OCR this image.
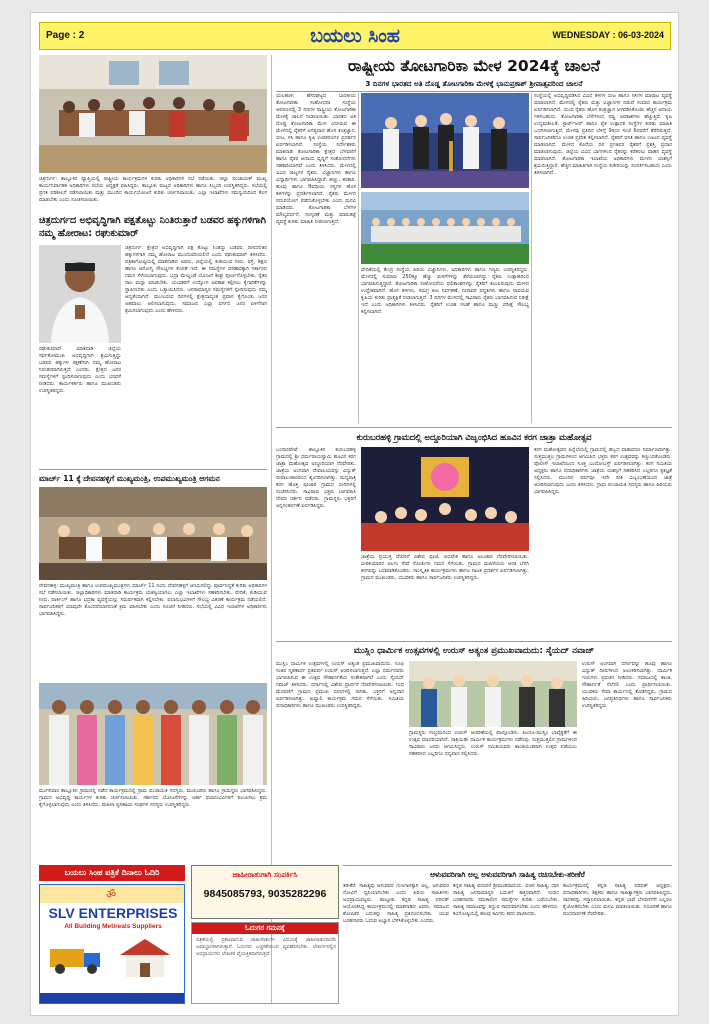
Page : 2	ಬಯಲು ಸಿಂಹ	WEDNESDAY : 06-03-2024
ಚಿತ್ರದುರ್ಗ: ತಾಲ್ಲೂಕಿನ ವ್ಯಾಪ್ತಿಯಲ್ಲಿ ರಾಷ್ಟ್ರೀಯ ಕಾರ್ಯಕ್ರಮಗಳ ಕುರಿತು ಅಧಿಕಾರಿಗಳ ಸಭೆ ನಡೆಯಿತು. ಜಿಲ್ಲಾ ಪಂಚಾಯತ್ ಮುಖ್ಯ ಕಾರ್ಯನಿರ್ವಾಹಕ ಅಧಿಕಾರಿಗಳು ಸಭೆಯ ಅಧ್ಯಕ್ಷತೆ ವಹಿಸಿದ್ದರು. ತಾಲ್ಲೂಕು ಮಟ್ಟದ ಅಧಿಕಾರಿಗಳು ಹಾಗೂ ಸಿಬ್ಬಂದಿ ಉಪಸ್ಥಿತರಿದ್ದರು. ಸಭೆಯಲ್ಲಿ ಪ್ರಗತಿ ಪರಿಶೀಲನೆ ನಡೆಸಲಾಯಿತು ಮತ್ತು ಮುಂದಿನ ಕಾರ್ಯಯೋಜನೆ ಕುರಿತು ಚರ್ಚಿಸಲಾಯಿತು. ಎಲ್ಲಾ ಇಲಾಖೆಗಳು ಸಮನ್ವಯದಿಂದ ಕೆಲಸ ಮಾಡಬೇಕು ಎಂದು ಸೂಚಿಸಲಾಯಿತು.
ರಾಷ್ಟ್ರೀಯ ತೋಟಗಾರಿಕಾ ಮೇಳ 2024ಕ್ಕೆ ಚಾಲನೆ
3 ದಿನಗಳ ಭಾರತದ ಅತಿ ದೊಡ್ಡ ತೋಟಗಾರಿಕಾ ಮೇಳಕ್ಕೆ ಭಾನುಪ್ರಕಾಶ್ ಶ್ರೀವಾತ್ಸವರಿಂದ ಚಾಲನೆ
ಯಲಹಂಕ: ಹೆಸರಘಟ್ಟದ ಭಾರತೀಯ ತೋಟಗಾರಿಕಾ ಸಂಶೋಧನಾ ಸಂಸ್ಥೆಯ ಆವರಣದಲ್ಲಿ 3 ದಿನಗಳ ರಾಷ್ಟ್ರೀಯ ತೋಟಗಾರಿಕಾ ಮೇಳಕ್ಕೆ ಚಾಲನೆ ನೀಡಲಾಯಿತು. ಭಾರತದ ಅತಿ ದೊಡ್ಡ ತೋಟಗಾರಿಕಾ ಮೇಳ ಎನಿಸಿರುವ ಈ ಮೇಳದಲ್ಲಿ ರೈತರಿಗೆ ಅಗತ್ಯವಾದ ಹೊಸ ತಂತ್ರಜ್ಞಾನ, ಬೀಜ, ಸಸಿ ಹಾಗೂ ಕೃಷಿ ಉಪಕರಣಗಳ ಪ್ರದರ್ಶನ ಏರ್ಪಡಿಸಲಾಗಿದೆ. ಸಂಸ್ಥೆಯ ನಿರ್ದೇಶಕರು ಮಾತನಾಡಿ ತೋಟಗಾರಿಕಾ ಕ್ಷೇತ್ರದ ಬೆಳವಣಿಗೆ ಹಾಗೂ ರೈತರ ಆದಾಯ ವೃದ್ಧಿಗೆ ಸಂಶೋಧನೆಗಳು ಸಹಕಾರಿಯಾಗಿವೆ ಎಂದು ತಿಳಿಸಿದರು. ಮೇಳದಲ್ಲಿ ವಿವಿಧ ರಾಜ್ಯಗಳ ರೈತರು, ವಿಜ್ಞಾನಿಗಳು ಹಾಗೂ ವಿದ್ಯಾರ್ಥಿಗಳು ಭಾಗವಹಿಸಿದ್ದಾರೆ. ಹಣ್ಣು, ತರಕಾರಿ, ಹೂವು ಹಾಗೂ ಔಷಧೀಯ ಸಸ್ಯಗಳ ಹೊಸ ತಳಿಗಳನ್ನು ಪ್ರದರ್ಶಿಸಲಾಗಿದೆ. ರೈತರು ಮೇಳದ ಸದುಪಯೋಗ ಪಡೆದುಕೊಳ್ಳಬೇಕು ಎಂದು ಮನವಿ ಮಾಡಿದರು. ತೋಟಗಾರಿಕಾ ಬೆಳೆಗಳ ಮೌಲ್ಯವರ್ಧನೆ, ಸಂಸ್ಕರಣೆ ಮತ್ತು ಮಾರುಕಟ್ಟೆ ವ್ಯವಸ್ಥೆ ಕುರಿತು ಮಾಹಿತಿ ನೀಡಲಾಗುತ್ತದೆ.
ವೇದಿಕೆಯಲ್ಲಿ ಕೇಂದ್ರ ಸಂಸ್ಥೆಯ ಹಿರಿಯ ವಿಜ್ಞಾನಿಗಳು, ಅಧಿಕಾರಿಗಳು ಹಾಗೂ ಗಣ್ಯರು ಉಪಸ್ಥಿತರಿದ್ದರು. ಮೇಳದಲ್ಲಿ ಸುಮಾರು 250ಕ್ಕೂ ಹೆಚ್ಚು ಮಳಿಗೆಗಳನ್ನು ತೆರೆಯಲಾಗಿದ್ದು ರೈತರು ಉತ್ಸಾಹದಿಂದ ಭಾಗವಹಿಸುತ್ತಿದ್ದಾರೆ. ತೋಟಗಾರಿಕಾ ಸಂಶೋಧನೆಯ ಫಲಿತಾಂಶಗಳನ್ನು ರೈತರಿಗೆ ತಲುಪಿಸುವುದು ಮೇಳದ ಉದ್ದೇಶವಾಗಿದೆ. ಹೊಸ ತಳಿಗಳು, ಸಮಗ್ರ ಕೀಟ ನಿರ್ವಹಣೆ, ನೀರಾವರಿ ಪದ್ಧತಿಗಳು ಹಾಗೂ ಸಾವಯವ ಕೃಷಿಯ ಕುರಿತು ಪ್ರಾತ್ಯಕ್ಷಿಕೆ ನೀಡಲಾಗುತ್ತಿದೆ. 3 ದಿನಗಳ ಮೇಳದಲ್ಲಿ ಸಾವಿರಾರು ರೈತರು ಭಾಗವಹಿಸುವ ನಿರೀಕ್ಷೆ ಇದೆ ಎಂದು ಅಧಿಕಾರಿಗಳು ತಿಳಿಸಿದರು. ರೈತರಿಗೆ ಉಚಿತ ಸಲಹೆ ಹಾಗೂ ಮಣ್ಣು ಪರೀಕ್ಷೆ ಸೌಲಭ್ಯ ಕಲ್ಪಿಸಲಾಗಿದೆ.
ಸಂಸ್ಥೆಯಲ್ಲಿ ಅಭಿವೃದ್ಧಿಪಡಿಸಿದ ವಿವಿಧ ತಳಿಗಳ ಬೀಜ ಹಾಗೂ ಸಸಿಗಳ ಮಾರಾಟ ವ್ಯವಸ್ಥೆ ಮಾಡಲಾಗಿದೆ. ಮೇಳದಲ್ಲಿ ರೈತರು ಮತ್ತು ವಿಜ್ಞಾನಿಗಳ ನಡುವೆ ಸಂವಾದ ಕಾರ್ಯಕ್ರಮ ಏರ್ಪಡಿಸಲಾಗಿದೆ. ಯುವ ರೈತರು ಹೊಸ ತಂತ್ರಜ್ಞಾನ ಅಳವಡಿಸಿಕೊಂಡು ಹೆಚ್ಚಿನ ಆದಾಯ ಗಳಿಸಬಹುದು. ತೋಟಗಾರಿಕಾ ಬೆಳೆಗಳಿಂದ ರಫ್ತು ಅವಕಾಶಗಳು ಹೆಚ್ಚುತ್ತಿವೆ. ಕೃಷಿ ಉದ್ಯಮಶೀಲತೆ, ಸ್ಟಾರ್ಟ್‌ಅಪ್ ಹಾಗೂ ರೈತ ಉತ್ಪಾದಕ ಸಂಸ್ಥೆಗಳ ಕುರಿತು ಮಾಹಿತಿ ಒದಗಿಸಲಾಗುತ್ತಿದೆ. ಮೇಳವು ಪ್ರತಿದಿನ ಬೆಳಿಗ್ಗೆ 9ರಿಂದ ಸಂಜೆ 6ರವರೆಗೆ ತೆರೆದಿರುತ್ತದೆ. ಸಾರ್ವಜನಿಕರಿಗೂ ಉಚಿತ ಪ್ರವೇಶ ಕಲ್ಪಿಸಲಾಗಿದೆ. ರೈತರಿಗೆ ವಸತಿ ಹಾಗೂ ಊಟದ ವ್ಯವಸ್ಥೆ ಮಾಡಲಾಗಿದೆ. ಮೇಳದ ಕೊನೆಯ ದಿನ ಪ್ರಗತಿಪರ ರೈತರಿಗೆ ಪ್ರಶಸ್ತಿ ಪ್ರದಾನ ಮಾಡಲಾಗುವುದು. ಜಿಲ್ಲೆಯ ವಿವಿಧ ಭಾಗಗಳಿಂದ ರೈತರನ್ನು ಕರೆತರಲು ವಾಹನ ವ್ಯವಸ್ಥೆ ಮಾಡಲಾಗಿದೆ. ತೋಟಗಾರಿಕಾ ಇಲಾಖೆಯ ಅಧಿಕಾರಿಗಳು ಮೇಳದ ಯಶಸ್ಸಿಗೆ ಶ್ರಮಿಸುತ್ತಿದ್ದಾರೆ. ಹೆಚ್ಚಿನ ಮಾಹಿತಿಗಾಗಿ ಸಂಸ್ಥೆಯ ಕಚೇರಿಯನ್ನು ಸಂಪರ್ಕಿಸಬಹುದು ಎಂದು ತಿಳಿಸಲಾಗಿದೆ.
ಚಿತ್ರದುರ್ಗದ ಅಭಿವೃದ್ಧಿಗಾಗಿ ಪಕ್ಷತೊಟ್ಟು ನಿಂತಿರುತ್ತಾರೆ ಬಡವರ ಹಕ್ಕುಗಳಿಗಾಗಿ ನಮ್ಮ ಹೋರಾಟ: ರಘುಕುಮಾರ್
ರಘುಕುಮಾರ್ ಮಾತನಾಡಿ ಜಿಲ್ಲೆಯ ಸರ್ವತೋಮುಖ ಅಭಿವೃದ್ಧಿಗಾಗಿ ಶ್ರಮಿಸುತ್ತಿದ್ದು ಬಡವರ ಹಕ್ಕುಗಳ ರಕ್ಷಣೆಗಾಗಿ ನಮ್ಮ ಹೋರಾಟ ನಿರಂತರವಾಗಿರುತ್ತದೆ ಎಂದರು. ಕ್ಷೇತ್ರದ ಜನರ ಸಮಸ್ಯೆಗಳಿಗೆ ಸ್ಪಂದಿಸಲಾಗುವುದು ಎಂದು ಭರವಸೆ ನೀಡಿದರು. ಕಾರ್ಯಕರ್ತರು ಹಾಗೂ ಮುಖಂಡರು ಉಪಸ್ಥಿತರಿದ್ದರು.
ಚಿತ್ರದುರ್ಗ: ಕ್ಷೇತ್ರದ ಅಭಿವೃದ್ಧಿಗಾಗಿ ಪಕ್ಷ ತೊಟ್ಟು ನಿಂತಿದ್ದು ಬಡವರ, ದೀನದಲಿತರ ಹಕ್ಕುಗಳಿಗಾಗಿ ನಮ್ಮ ಹೋರಾಟ ಮುಂದುವರಿಯಲಿದೆ ಎಂದು ರಘುಕುಮಾರ್ ತಿಳಿಸಿದರು. ಪತ್ರಿಕಾಗೋಷ್ಠಿಯಲ್ಲಿ ಮಾತನಾಡಿದ ಅವರು, ಜಿಲ್ಲೆಯಲ್ಲಿ ಕುಡಿಯುವ ನೀರು, ರಸ್ತೆ, ಶಿಕ್ಷಣ ಹಾಗೂ ಆರೋಗ್ಯ ಸೌಲಭ್ಯಗಳ ಕೊರತೆ ಇದೆ. ಈ ಸಮಸ್ಯೆಗಳ ಪರಿಹಾರಕ್ಕಾಗಿ ಸರ್ಕಾರದ ಗಮನ ಸೆಳೆಯಲಾಗುವುದು. ಭದ್ರಾ ಮೇಲ್ದಂಡೆ ಯೋಜನೆ ಶೀಘ್ರ ಪೂರ್ಣಗೊಳ್ಳಬೇಕು. ರೈತರ ಸಾಲ ಮನ್ನಾ ಮಾಡಬೇಕು. ಯುವಕರಿಗೆ ಉದ್ಯೋಗ ಅವಕಾಶ ಕಲ್ಪಿಸಲು ಕೈಗಾರಿಕೆಗಳನ್ನು ಸ್ಥಾಪಿಸಬೇಕು ಎಂದು ಒತ್ತಾಯಿಸಿದರು. ಜನಸಾಮಾನ್ಯರ ಸಮಸ್ಯೆಗಳಿಗೆ ಸ್ಪಂದಿಸುವುದು ನಮ್ಮ ಆದ್ಯತೆಯಾಗಿದೆ. ಮುಂಬರುವ ದಿನಗಳಲ್ಲಿ ಕ್ಷೇತ್ರದಾದ್ಯಂತ ಪ್ರವಾಸ ಕೈಗೊಂಡು ಜನರ ಅಹವಾಲು ಆಲಿಸಲಾಗುವುದು. ಸಮಾಜದ ಎಲ್ಲಾ ವರ್ಗದ ಜನರ ಏಳಿಗೆಗಾಗಿ ಶ್ರಮಿಸಲಾಗುವುದು ಎಂದು ಹೇಳಿದರು.
ಮಾರ್ಚ್ 11 ಕ್ಕೆ ದೇವನಹಳ್ಳಿಗೆ ಮುಖ್ಯಮಂತ್ರಿ, ಉಪಮುಖ್ಯಮಂತ್ರಿ ಆಗಮನ
ದೇವನಹಳ್ಳಿ: ಮುಖ್ಯಮಂತ್ರಿ ಹಾಗೂ ಉಪಮುಖ್ಯಮಂತ್ರಿಗಳು ಮಾರ್ಚ್ 11 ರಂದು ದೇವನಹಳ್ಳಿಗೆ ಆಗಮಿಸಲಿದ್ದು ಪೂರ್ವಸಿದ್ಧತೆ ಕುರಿತು ಅಧಿಕಾರಿಗಳ ಸಭೆ ನಡೆಸಲಾಯಿತು. ಜಿಲ್ಲಾಧಿಕಾರಿಗಳು ಮಾತನಾಡಿ ಕಾರ್ಯಕ್ರಮ ಯಶಸ್ವಿಯಾಗಲು ಎಲ್ಲಾ ಇಲಾಖೆಗಳು ಸಹಕರಿಸಬೇಕು. ವೇದಿಕೆ, ಕುಡಿಯುವ ನೀರು, ಪಾರ್ಕಿಂಗ್ ಹಾಗೂ ಭದ್ರತಾ ವ್ಯವಸ್ಥೆಯನ್ನು ಸಮರ್ಪಕವಾಗಿ ಕಲ್ಪಿಸಬೇಕು. ಫಲಾನುಭವಿಗಳಿಗೆ ಸೌಲಭ್ಯ ವಿತರಣೆ ಕಾರ್ಯಕ್ರಮ ನಡೆಯಲಿದೆ. ಸಾರ್ವಜನಿಕರಿಗೆ ಯಾವುದೇ ತೊಂದರೆಯಾಗದಂತೆ ಕ್ರಮ ವಹಿಸಬೇಕು ಎಂದು ಸೂಚನೆ ನೀಡಿದರು. ಸಭೆಯಲ್ಲಿ ವಿವಿಧ ಇಲಾಖೆಗಳ ಅಧಿಕಾರಿಗಳು ಭಾಗವಹಿಸಿದ್ದರು.
ಕುರುಬರಹಳ್ಳಿ ಗ್ರಾಮದಲ್ಲಿ ಅದ್ದೂರಿಯಾಗಿ ವಿಜೃಂಭಿಸಿದ ಹೂವಿನ ಕರಗ ಜಾತ್ರಾ ಮಹೋತ್ಸವ
ಬಂಗಾರಪೇಟೆ: ತಾಲ್ಲೂಕಿನ ಕುರುಬರಹಳ್ಳಿ ಗ್ರಾಮದಲ್ಲಿ ಶ್ರೀ ಧರ್ಮರಾಯಸ್ವಾಮಿ ಹೂವಿನ ಕರಗ ಜಾತ್ರಾ ಮಹೋತ್ಸವ ಅದ್ದೂರಿಯಾಗಿ ನೆರವೇರಿತು. ಜಾತ್ರೆಯ ಅಂಗವಾಗಿ ದೇವಾಲಯವನ್ನು ವಿದ್ಯುತ್ ದೀಪಾಲಂಕಾರದಿಂದ ಶೃಂಗರಿಸಲಾಗಿತ್ತು. ಮಧ್ಯರಾತ್ರಿ ಕರಗ ಹೊತ್ತ ಪೂಜಾರಿ ಗ್ರಾಮದ ಬೀದಿಗಳಲ್ಲಿ ಸಂಚರಿಸಿದರು. ಸಾವಿರಾರು ಭಕ್ತರು ಭಾಗವಹಿಸಿ ದೇವರ ದರ್ಶನ ಪಡೆದರು. ಗ್ರಾಮಸ್ಥರು ಭಕ್ತರಿಗೆ ಅನ್ನಸಂತರ್ಪಣೆ ಏರ್ಪಡಿಸಿದ್ದರು.
ಜಾತ್ರೆಯ ಪ್ರಯುಕ್ತ ದೇವರಿಗೆ ವಿಶೇಷ ಪೂಜೆ, ಅಭಿಷೇಕ ಹಾಗೂ ಅಲಂಕಾರ ನೆರವೇರಿಸಲಾಯಿತು. ವೀರಕುಮಾರರ ಅಲಗು ಸೇವೆ ನೋಡುಗರ ಗಮನ ಸೆಳೆಯಿತು. ಗ್ರಾಮದ ಮಹಿಳೆಯರು ಆರತಿ ಬೆಳಗಿ ಕರಗವನ್ನು ಬರಮಾಡಿಕೊಂಡರು. ಸಾಂಸ್ಕೃತಿಕ ಕಾರ್ಯಕ್ರಮಗಳು ಹಾಗೂ ನಾಟಕ ಪ್ರದರ್ಶನ ಏರ್ಪಡಿಸಲಾಗಿತ್ತು. ಗ್ರಾಮದ ಮುಖಂಡರು, ಯುವಕರು ಹಾಗೂ ಸಾರ್ವಜನಿಕರು ಉಪಸ್ಥಿತರಿದ್ದರು.
ಕರಗ ಮಹೋತ್ಸವದ ಹಿನ್ನೆಲೆಯಲ್ಲಿ ಗ್ರಾಮದಲ್ಲಿ ಹಬ್ಬದ ವಾತಾವರಣ ನಿರ್ಮಾಣವಾಗಿತ್ತು. ಸುತ್ತಮುತ್ತಲ ಗ್ರಾಮಗಳಿಂದ ಆಗಮಿಸಿದ ಭಕ್ತರು ಕರಗ ಉತ್ಸವವನ್ನು ಕಣ್ತುಂಬಿಕೊಂಡರು. ಪೊಲೀಸ್ ಇಲಾಖೆಯಿಂದ ಸೂಕ್ತ ಬಂದೋಬಸ್ತ್ ಏರ್ಪಡಿಸಲಾಗಿತ್ತು. ಕರಗ ಸಮಿತಿಯ ಅಧ್ಯಕ್ಷರು ಹಾಗೂ ಪದಾಧಿಕಾರಿಗಳು ಜಾತ್ರೆಯ ಯಶಸ್ಸಿಗೆ ಸಹಕರಿಸಿದ ಎಲ್ಲರಿಗೂ ಕೃತಜ್ಞತೆ ಸಲ್ಲಿಸಿದರು. ಮುಂದಿನ ವರ್ಷವೂ ಇದೇ ರೀತಿ ವಿಜೃಂಭಣೆಯಿಂದ ಜಾತ್ರೆ ಆಚರಿಸಲಾಗುವುದು ಎಂದು ತಿಳಿಸಿದರು. ಗ್ರಾಮ ಪಂಚಾಯತಿ ಸದಸ್ಯರು ಹಾಗೂ ಹಿರಿಯರು ಭಾಗವಹಿಸಿದ್ದರು.
ಮುಸ್ಲಿಂ ಧಾರ್ಮಿಕ ಉತ್ಸವಗಳಲ್ಲಿ ಉರುಸ್ ಅತ್ಯಂತ ಪ್ರಮುಖವಾದುದು: ಸೈಯದ್ ನವಾಜ್
ಮುಸ್ಲಿಂ ಧಾರ್ಮಿಕ ಉತ್ಸವಗಳಲ್ಲಿ ಉರುಸ್ ಅತ್ಯಂತ ಪ್ರಮುಖವಾದುದು. ಸೂಫಿ ಸಂತರ ಸ್ಮರಣಾರ್ಥ ಪ್ರತಿವರ್ಷ ಉರುಸ್ ಆಚರಿಸಲಾಗುತ್ತದೆ. ಎಲ್ಲಾ ಧರ್ಮದವರು ಭಾಗವಹಿಸುವ ಈ ಉತ್ಸವ ಸೌಹಾರ್ದತೆಯ ಸಂಕೇತವಾಗಿದೆ ಎಂದು ಸೈಯದ್ ನವಾಜ್ ತಿಳಿಸಿದರು. ದರ್ಗಾದಲ್ಲಿ ವಿಶೇಷ ಪ್ರಾರ್ಥನೆ ನೆರವೇರಿಸಲಾಯಿತು. ಗಂಧ ಮೆರವಣಿಗೆ ಗ್ರಾಮದ ಪ್ರಮುಖ ಬೀದಿಗಳಲ್ಲಿ ಸಾಗಿತು. ಭಕ್ತರಿಗೆ ಅನ್ನದಾನ ಏರ್ಪಡಿಸಲಾಗಿತ್ತು. ಖವ್ವಾಲಿ ಕಾರ್ಯಕ್ರಮ ಗಮನ ಸೆಳೆಯಿತು. ಸಮಿತಿಯ ಪದಾಧಿಕಾರಿಗಳು ಹಾಗೂ ಮುಖಂಡರು ಉಪಸ್ಥಿತರಿದ್ದರು.
ಗ್ರಾಮಸ್ಥರು ಸಂಭ್ರಮದಿಂದ ಉರುಸ್ ಆಚರಣೆಯಲ್ಲಿ ಪಾಲ್ಗೊಂಡರು. ಹಿಂದೂ-ಮುಸ್ಲಿಂ ಭಾವೈಕ್ಯತೆಗೆ ಈ ಉತ್ಸವ ಮಾದರಿಯಾಗಿದೆ. ರಾತ್ರಿಯಿಡೀ ಧಾರ್ಮಿಕ ಕಾರ್ಯಕ್ರಮಗಳು ನಡೆದವು. ಸುತ್ತಮುತ್ತಲಿನ ಗ್ರಾಮಗಳಿಂದ ಸಾವಿರಾರು ಜನರು ಆಗಮಿಸಿದ್ದರು. ಉರುಸ್ ಸಮಿತಿಯವರು ಶಾಂತಿಯುತವಾಗಿ ಉತ್ಸವ ನಡೆಯಲು ಸಹಕರಿಸಿದ ಎಲ್ಲರಿಗೂ ಧನ್ಯವಾದ ಸಲ್ಲಿಸಿದರು.
ಉರುಸ್ ಅಂಗವಾಗಿ ದರ್ಗಾವನ್ನು ಹೂವು ಹಾಗೂ ವಿದ್ಯುತ್ ದೀಪಗಳಿಂದ ಅಲಂಕರಿಸಲಾಗಿತ್ತು. ಧಾರ್ಮಿಕ ಗುರುಗಳು ಪ್ರವಚನ ನೀಡಿದರು. ಸಮಾಜದಲ್ಲಿ ಶಾಂತಿ, ಸೌಹಾರ್ದತೆ ನೆಲೆಸಲಿ ಎಂದು ಪ್ರಾರ್ಥಿಸಲಾಯಿತು. ಯುವಕರು ಸೇವಾ ಕಾರ್ಯದಲ್ಲಿ ತೊಡಗಿದ್ದರು. ಗ್ರಾಮದ ಹಿರಿಯರು, ಜನಪ್ರತಿನಿಧಿಗಳು ಹಾಗೂ ಸಾರ್ವಜನಿಕರು ಉಪಸ್ಥಿತರಿದ್ದರು.
ಮಂಗಳವಾರ ತಾಲ್ಲೂಕಿನ ಗ್ರಾಮದಲ್ಲಿ ನಡೆದ ಕಾರ್ಯಕ್ರಮದಲ್ಲಿ ಗ್ರಾಮ ಪಂಚಾಯತಿ ಸದಸ್ಯರು, ಮುಖಂಡರು ಹಾಗೂ ಗ್ರಾಮಸ್ಥರು ಭಾಗವಹಿಸಿದ್ದರು. ಗ್ರಾಮದ ಅಭಿವೃದ್ಧಿ ಕಾರ್ಯಗಳ ಕುರಿತು ಚರ್ಚಿಸಲಾಯಿತು. ಸರ್ಕಾರದ ಯೋಜನೆಗಳನ್ನು ಅರ್ಹ ಫಲಾನುಭವಿಗಳಿಗೆ ತಲುಪಿಸಲು ಕ್ರಮ ಕೈಗೊಳ್ಳಲಾಗುವುದು ಎಂದು ತಿಳಿಸಿದರು. ಮಹಿಳಾ ಸ್ವಸಹಾಯ ಸಂಘಗಳ ಸದಸ್ಯರು ಉಪಸ್ಥಿತರಿದ್ದರು.
ಬಯಲು ಸಿಂಹ ಪತ್ರಿಕೆ ದಿನಾಲು ಓದಿರಿ
ॐ
SLV ENTERPRISES
All Building Metireals Suppliers
ಜಾಹೀರಾತುಗಾಗಿ ಸಂಪರ್ಕಿಸಿ
9845085793, 9035282296
ಓದುಗರ ಗಮನಕ್ಕೆ
ಪತ್ರಿಕೆಯಲ್ಲಿ ಪ್ರಕಟವಾಗುವ ಜಾಹೀರಾತುಗಳ ವಿಷಯಕ್ಕೆ ಜಾಹೀರಾತುದಾರರೇ ಜವಾಬ್ದಾರರಾಗಿರುತ್ತಾರೆ. ಓದುಗರು ಎಚ್ಚರಿಕೆಯಿಂದ ವ್ಯವಹರಿಸಬೇಕು. ಲೇಖನಗಳಲ್ಲಿನ ಅಭಿಪ್ರಾಯಗಳು ಲೇಖಕರ ವೈಯಕ್ತಿಕವಾಗಿರುತ್ತವೆ.
ಆಳುವವರಿಗಾಗಿ ಅಲ್ಲ ಅಳುವವರಿಗಾಗಿ ಸಾಹಿತ್ಯ ರಚಿಸಬೇಕು-ತರೀಕೆರೆ
ತರೀಕೆರೆ: ಸಾಹಿತ್ಯವು ಆಳುವವರ ಗುಣಗಾನಕ್ಕಾಗಿ ಅಲ್ಲ, ಅಳುವವರ ನೋವಿಗೆ ಧ್ವನಿಯಾಗಬೇಕು ಎಂದು ಹಿರಿಯ ಸಾಹಿತಿಗಳು ಅಭಿಪ್ರಾಯಪಟ್ಟರು. ತಾಲ್ಲೂಕು ಕನ್ನಡ ಸಾಹಿತ್ಯ ಪರಿಷತ್ ಆಯೋಜಿಸಿದ್ದ ಕಾರ್ಯಕ್ರಮದಲ್ಲಿ ಮಾತನಾಡಿದ ಅವರು, ಸಮಾಜದ ಶೋಷಿತರ ಬದುಕನ್ನು ಸಾಹಿತ್ಯ ಪ್ರತಿಬಿಂಬಿಸಬೇಕು. ಯುವ ಬರಹಗಾರರು ಓದುವ ಅಭ್ಯಾಸ ಬೆಳೆಸಿಕೊಳ್ಳಬೇಕು ಎಂದರು.
ಕನ್ನಡ ಸಾಹಿತ್ಯ ಪರಂಪರೆ ಶ್ರೀಮಂತವಾದುದು. ವಚನ ಸಾಹಿತ್ಯ, ದಾಸ ಸಾಹಿತ್ಯ ಜನಸಾಮಾನ್ಯರ ಬದುಕಿಗೆ ಹತ್ತಿರವಾಗಿದೆ. ಇಂದಿನ ಬರಹಗಾರರು ಸಮಕಾಲೀನ ಸಮಸ್ಯೆಗಳ ಕುರಿತು ಬರೆಯಬೇಕು. ಸಾಹಿತ್ಯ ಸಮಾಜವನ್ನು ತಿದ್ದುವ ಸಾಧನವಾಗಬೇಕು ಎಂದು ಹೇಳಿದರು. ಕವಿಗೋಷ್ಠಿಯಲ್ಲಿ ಹಲವು ಕವಿಗಳು ಕವನ ವಾಚಿಸಿದರು.
ಕಾರ್ಯಕ್ರಮದಲ್ಲಿ ಕನ್ನಡ ಸಾಹಿತ್ಯ ಪರಿಷತ್ ಅಧ್ಯಕ್ಷರು, ಪದಾಧಿಕಾರಿಗಳು, ಶಿಕ್ಷಕರು ಹಾಗೂ ಸಾಹಿತ್ಯಾಸಕ್ತರು ಭಾಗವಹಿಸಿದ್ದರು. ಸಾಧಕರನ್ನು ಸನ್ಮಾನಿಸಲಾಯಿತು. ಕನ್ನಡ ಭಾಷೆ ಬೆಳವಣಿಗೆಗೆ ಎಲ್ಲರೂ ಕೈಜೋಡಿಸಬೇಕು ಎಂದು ಮನವಿ ಮಾಡಲಾಯಿತು. ನಿರೂಪಣೆ ಹಾಗೂ ವಂದನಾರ್ಪಣೆ ನೆರವೇರಿತು.
